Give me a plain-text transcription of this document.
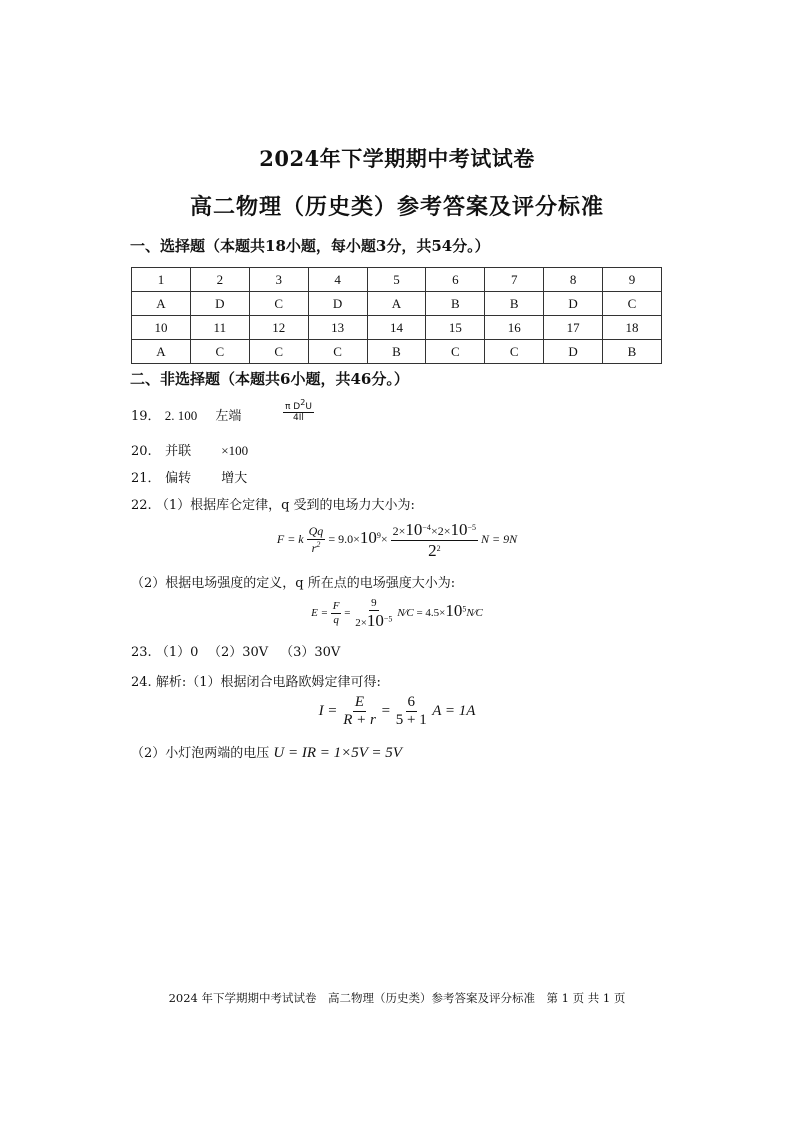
2024年下学期期中考试试卷
高二物理（历史类）参考答案及评分标准
一、选择题（本题共18小题，每小题3分，共54分。）
1	2	3	4	5	6	7	8	9
A	D	C	D	A	B	B	D	C
10	11	12	13	14	15	16	17	18
A	C	C	C	B	C	C	D	B
二、非选择题（本题共6小题，共46分。）
19． 2. 100 左端	$\frac{\pi D^2U}{4Il}$
20. 并联 ×100
21． 偏转 增大
22. （1）根据库仑定律，q 受到的电场力大小为:
F = k $\frac{Qq}{r^2} = 9.0\times 10^9\times \frac{2\times 10^{-4}\times 2\times 10^{-5}}{2^2}$ N = 9N
（2）根据电场强度的定义，q 所在点的电场强度大小为:
$E = \frac{F}{q} = \frac{9}{2\times 10^{-5}}$ N⁄C = $4.5\times 10^5N⁄C$
23. （1）0 （2）30V （3）30V
24. 解析:（1）根据闭合电路欧姆定律可得:
$I = \frac{E}{R + r} = \frac{6}{5 + 1}$ A = 1A
（2）小灯泡两端的电压 U = IR = 1×5V = 5V
2024 年下学期期中考试试卷　高二物理（历史类）参考答案及评分标准　第 1 页 共 1 页
